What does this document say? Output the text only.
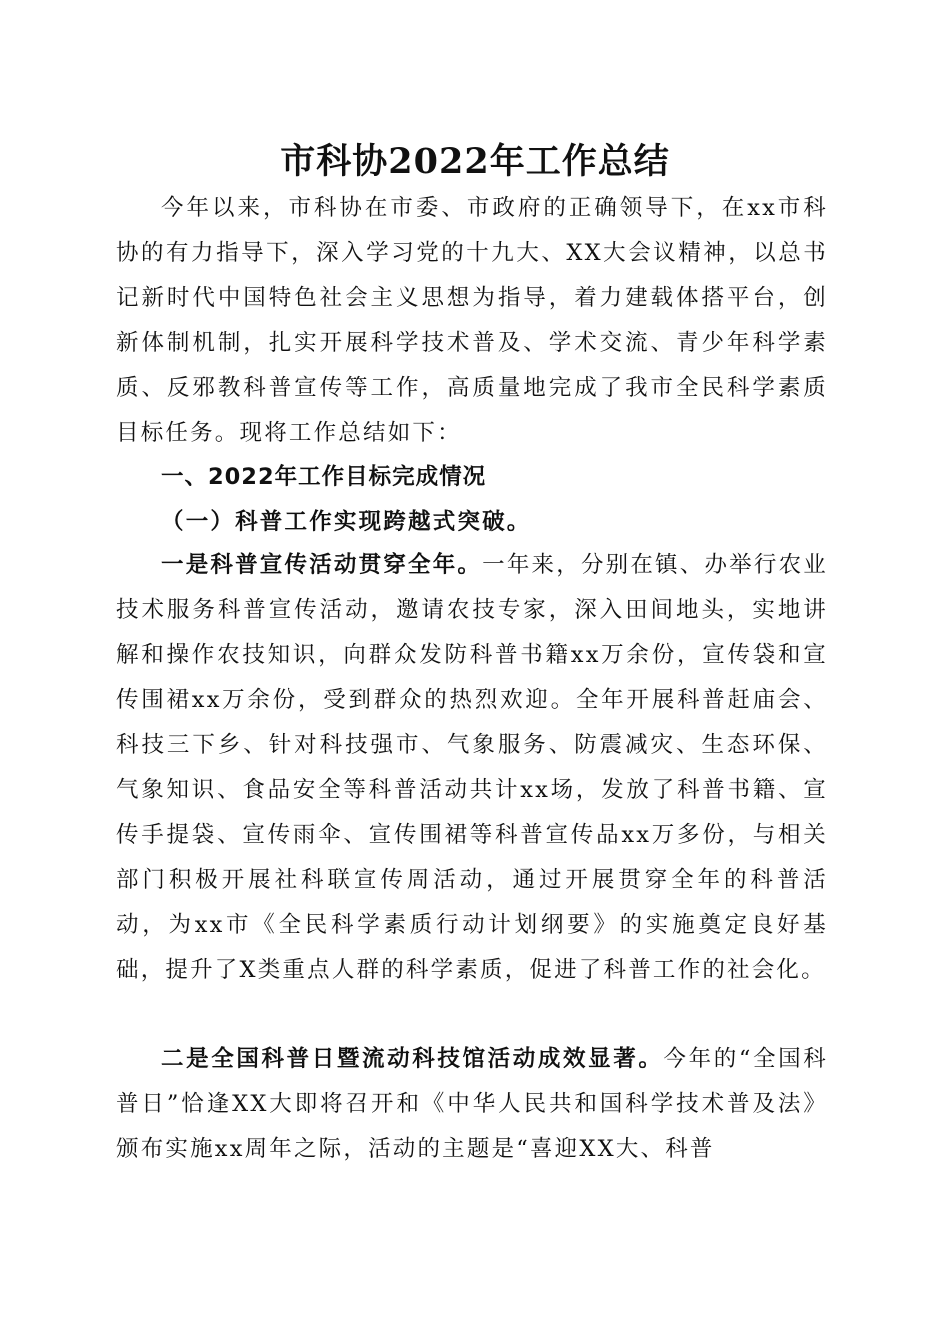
市科协2022年工作总结

今年以来，市科协在市委、市政府的正确领导下，在xx市科协的有力指导下，深入学习党的十九大、XX大会议精神，以总书记新时代中国特色社会主义思想为指导，着力建载体搭平台，创新体制机制，扎实开展科学技术普及、学术交流、青少年科学素质、反邪教科普宣传等工作，高质量地完成了我市全民科学素质目标任务。现将工作总结如下：

一、2022年工作目标完成情况
（一）科普工作实现跨越式突破。

一是科普宣传活动贯穿全年。一年来，分别在镇、办举行农业技术服务科普宣传活动，邀请农技专家，深入田间地头，实地讲解和操作农技知识，向群众发防科普书籍xx万余份，宣传袋和宣传围裙xx万余份，受到群众的热烈欢迎。全年开展科普赶庙会、科技三下乡、针对科技强市、气象服务、防震减灾、生态环保、气象知识、食品安全等科普活动共计xx场，发放了科普书籍、宣传手提袋、宣传雨伞、宣传围裙等科普宣传品xx万多份，与相关部门积极开展社科联宣传周活动，通过开展贯穿全年的科普活动，为xx市《全民科学素质行动计划纲要》的实施奠定良好基础，提升了X类重点人群的科学素质，促进了科普工作的社会化。

二是全国科普日暨流动科技馆活动成效显著。今年的“全国科普日”恰逢XX大即将召开和《中华人民共和国科学技术普及法》颁布实施xx周年之际，活动的主题是“喜迎XX大、科普
